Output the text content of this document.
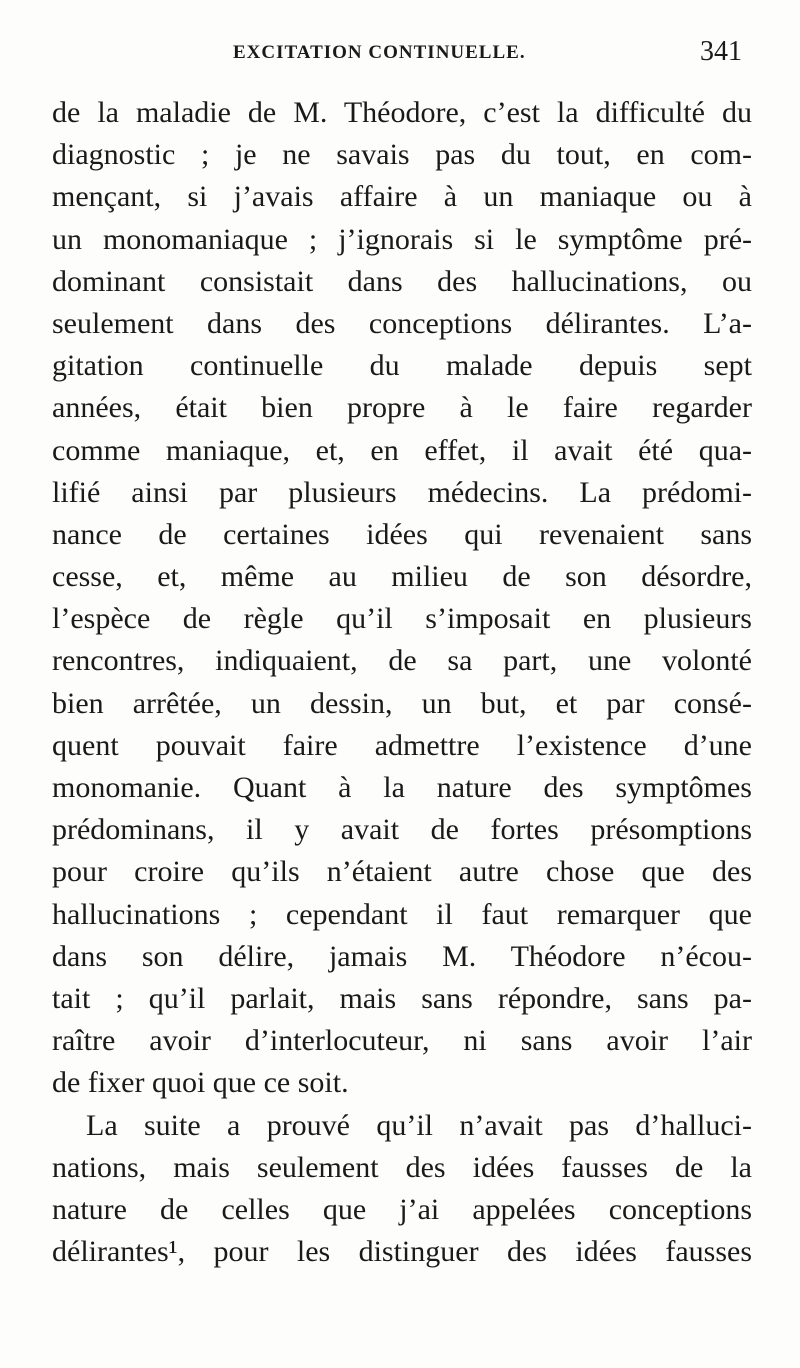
EXCITATION CONTINUELLE.	341
de la maladie de M. Théodore, c’est la difficulté du
diagnostic ; je ne savais pas du tout, en com-
mençant, si j’avais affaire à un maniaque ou à
un monomaniaque ; j’ignorais si le symptôme pré-
dominant consistait dans des hallucinations, ou
seulement dans des conceptions délirantes. L’a-
gitation continuelle du malade depuis sept
années, était bien propre à le faire regarder
comme maniaque, et, en effet, il avait été qua-
lifié ainsi par plusieurs médecins. La prédomi-
nance de certaines idées qui revenaient sans
cesse, et, même au milieu de son désordre,
l’espèce de règle qu’il s’imposait en plusieurs
rencontres, indiquaient, de sa part, une volonté
bien arrêtée, un dessin, un but, et par consé-
quent pouvait faire admettre l’existence d’une
monomanie. Quant à la nature des symptômes
prédominans, il y avait de fortes présomptions
pour croire qu’ils n’étaient autre chose que des
hallucinations ; cependant il faut remarquer que
dans son délire, jamais M. Théodore n’écou-
tait ; qu’il parlait, mais sans répondre, sans pa-
raître avoir d’interlocuteur, ni sans avoir l’air
de fixer quoi que ce soit.
La suite a prouvé qu’il n’avait pas d’halluci-
nations, mais seulement des idées fausses de la
nature de celles que j’ai appelées conceptions
délirantes¹, pour les distinguer des idées fausses
